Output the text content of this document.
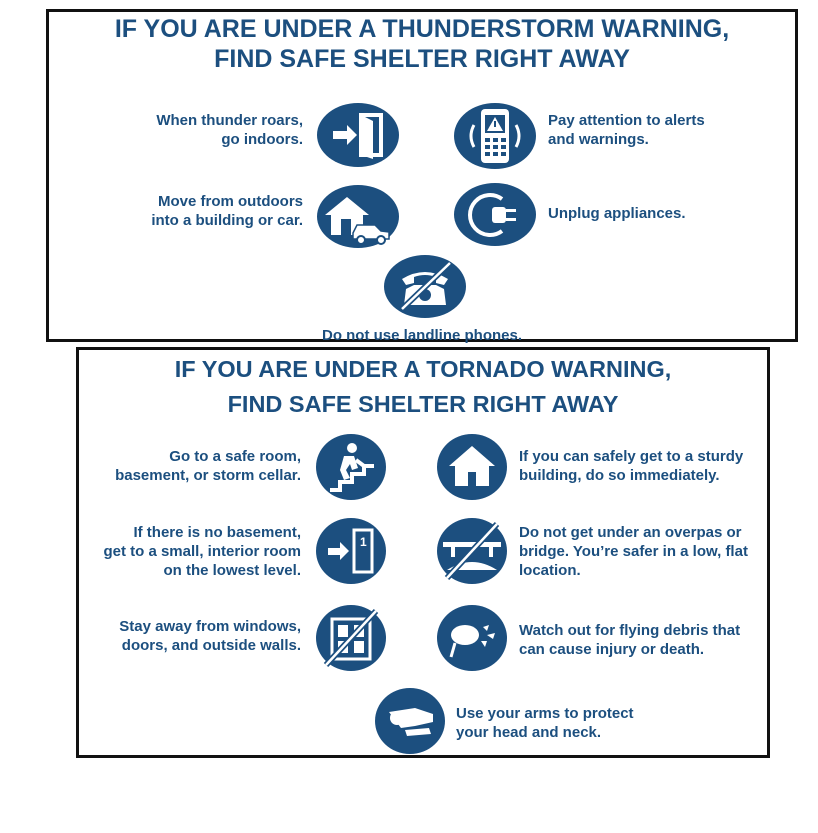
IF YOU ARE UNDER A THUNDERSTORM WARNING,
FIND SAFE SHELTER RIGHT AWAY
When thunder roars,
go indoors.
Pay attention to alerts
and warnings.
Move from outdoors
into a building or car.	Unplug appliances.
Do not use landline phones.
IF YOU ARE UNDER A TORNADO WARNING,
FIND SAFE SHELTER RIGHT AWAY
Go to a safe room,
basement, or storm cellar.
If you can safely get to a sturdy
building, do so immediately.
If there is no basement,
get to a small, interior room
on the lowest level.
1
Do not get under an overpas or
bridge. You’re safer in a low, flat
location.
Stay away from windows,
doors, and outside walls.
Watch out for flying debris that
can cause injury or death.
Use your arms to protect
your head and neck.
